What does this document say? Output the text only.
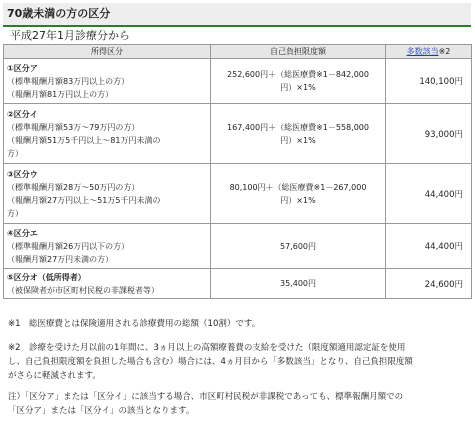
70歳未満の方の区分
平成27年1月診療分から
所得区分	自己負担限度額	多数該当※2

①区分ア
（標準報酬月額83万円以上の方）
（報酬月額81万円以上の方）	252,600円＋（総医療費※1－842,000
円）×1%	140,100円

②区分イ
（標準報酬月額53万～79万円の方）
（報酬月額51万5千円以上～81万円未満の
方）	167,400円＋（総医療費※1－558,000
円）×1%	93,000円

③区分ウ
（標準報酬月額28万～50万円の方）
（報酬月額27万円以上～51万5千円未満の
方）	80,100円＋（総医療費※1－267,000
円）×1%	44,400円

④区分エ
（標準報酬月額26万円以下の方）
（報酬月額27万円未満の方）	57,600円	44,400円

⑤区分オ（低所得者）
（被保険者が市区町村民税の非課税者等）	35,400円	24,600円
※1　総医療費とは保険適用される診療費用の総額（10割）です。
※2　診療を受けた月以前の1年間に、3ヵ月以上の高額療養費の支給を受けた（限度額適用認定証を使用
し、自己負担限度額を負担した場合も含む）場合には、4ヵ月目から「多数該当」となり、自己負担限度額
がさらに軽減されます。
注）「区分ア」または「区分イ」に該当する場合、市区町村民税が非課税であっても、標準報酬月額での
「区分ア」または「区分イ」の該当となります。
